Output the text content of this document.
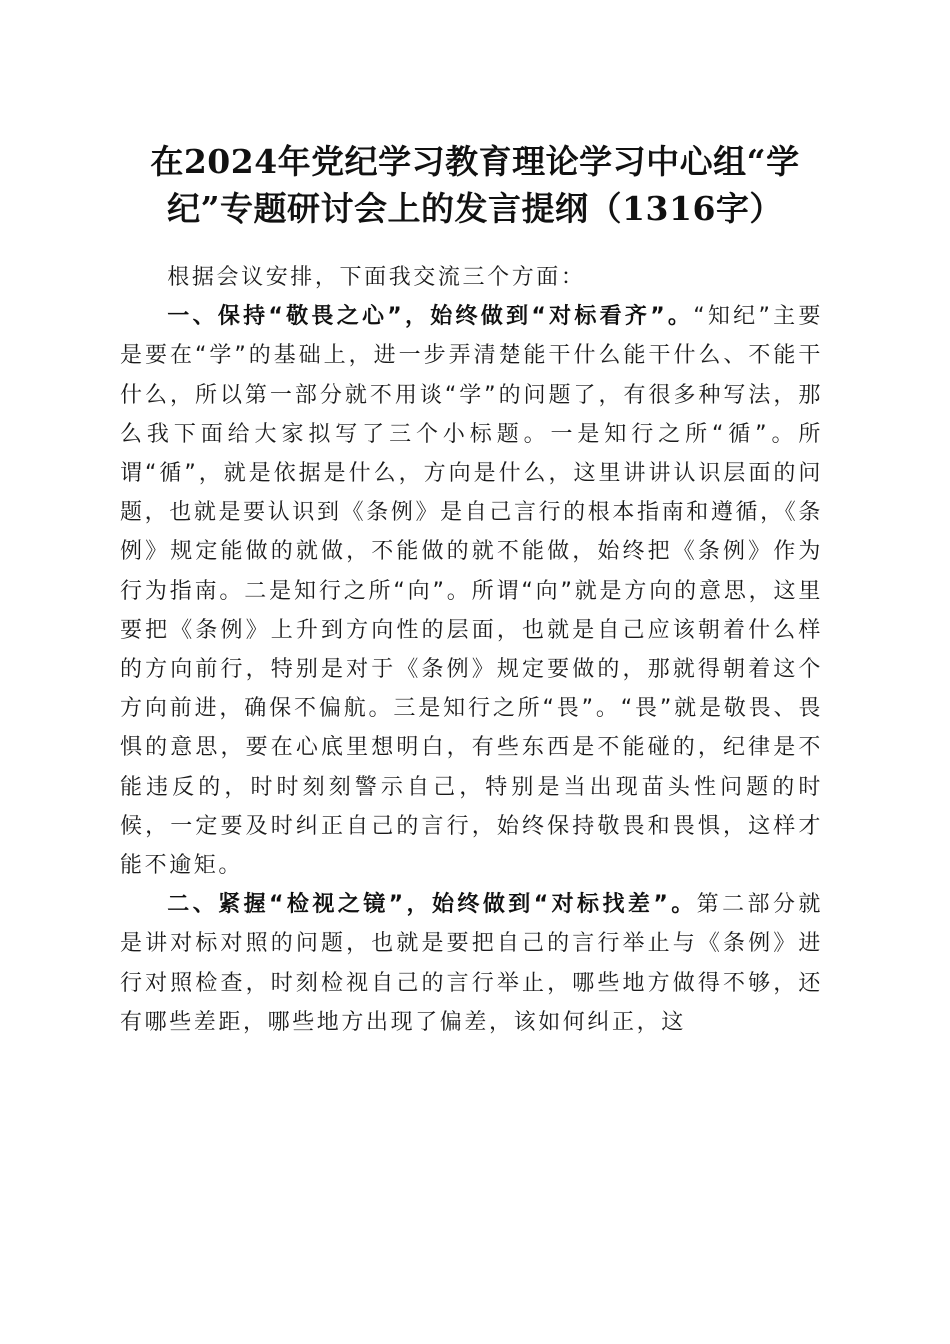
在2024年党纪学习教育理论学习中心组“学纪”专题研讨会上的发言提纲（1316字）

根据会议安排，下面我交流三个方面：

一、保持“敬畏之心”，始终做到“对标看齐”。“知纪”主要是要在“学”的基础上，进一步弄清楚能干什么能干什么、不能干什么，所以第一部分就不用谈“学”的问题了，有很多种写法，那么我下面给大家拟写了三个小标题。一是知行之所“循”。所谓“循”，就是依据是什么，方向是什么，这里讲讲认识层面的问题，也就是要认识到《条例》是自己言行的根本指南和遵循，《条例》规定能做的就做，不能做的就不能做，始终把《条例》作为行为指南。二是知行之所“向”。所谓“向”就是方向的意思，这里要把《条例》上升到方向性的层面，也就是自己应该朝着什么样的方向前行，特别是对于《条例》规定要做的，那就得朝着这个方向前进，确保不偏航。三是知行之所“畏”。“畏”就是敬畏、畏惧的意思，要在心底里想明白，有些东西是不能碰的，纪律是不能违反的，时时刻刻警示自己，特别是当出现苗头性问题的时候，一定要及时纠正自己的言行，始终保持敬畏和畏惧，这样才能不逾矩。

二、紧握“检视之镜”，始终做到“对标找差”。第二部分就是讲对标对照的问题，也就是要把自己的言行举止与《条例》进行对照检查，时刻检视自己的言行举止，哪些地方做得不够，还有哪些差距，哪些地方出现了偏差，该如何纠正，这
